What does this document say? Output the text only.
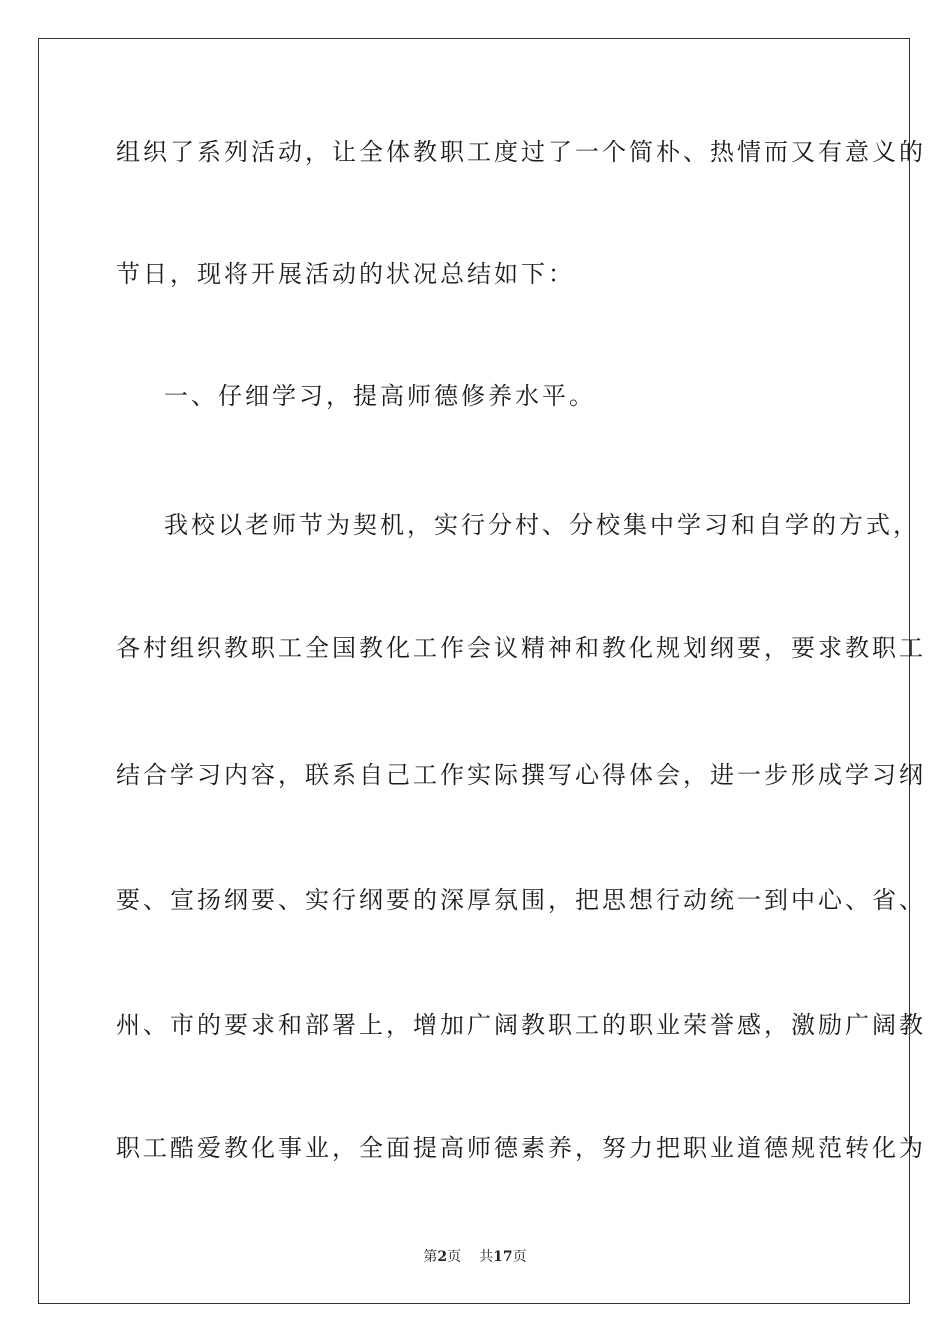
组织了系列活动，让全体教职工度过了一个简朴、热情而又有意义的
节日，现将开展活动的状况总结如下：
一、仔细学习，提高师德修养水平。
我校以老师节为契机，实行分村、分校集中学习和自学的方式，
各村组织教职工全国教化工作会议精神和教化规划纲要，要求教职工
结合学习内容，联系自己工作实际撰写心得体会，进一步形成学习纲
要、宣扬纲要、实行纲要的深厚氛围，把思想行动统一到中心、省、
州、市的要求和部署上，增加广阔教职工的职业荣誉感，激励广阔教
职工酷爱教化事业，全面提高师德素养，努力把职业道德规范转化为
第2页 共17页
